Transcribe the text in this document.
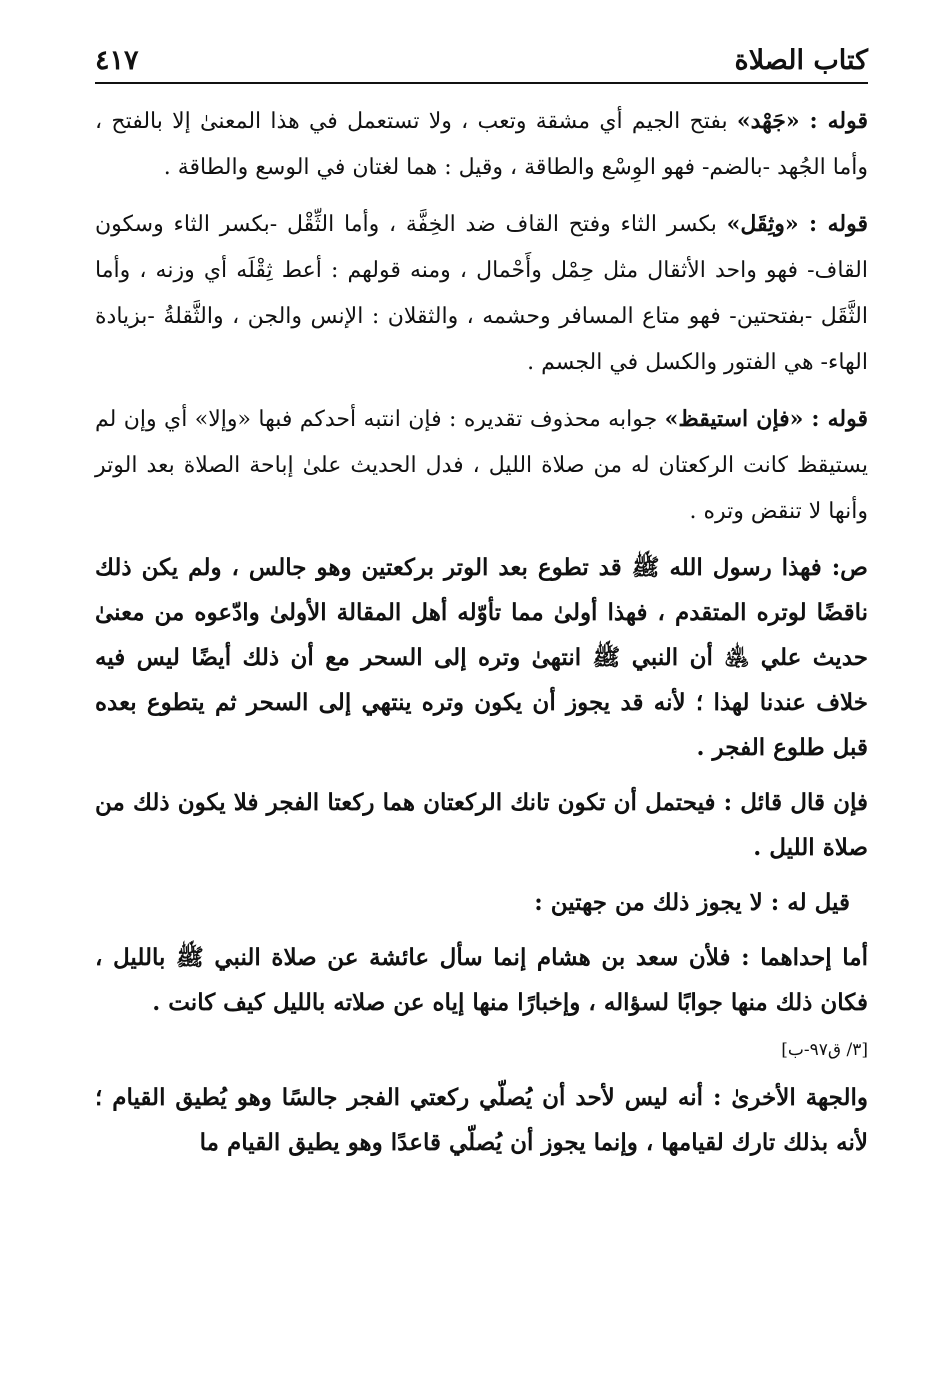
كتاب الصلاة
٤١٧

قوله : «جَهْد» بفتح الجيم أي مشقة وتعب ، ولا تستعمل في هذا المعنىٰ إلا بالفتح ، وأما الجُهد -بالضم- فهو الوِسْع والطاقة ، وقيل : هما لغتان في الوسع والطاقة .

قوله : «وثِقَل» بكسر الثاء وفتح القاف ضد الخِفَّة ، وأما الثِّقْل -بكسر الثاء وسكون القاف- فهو واحد الأثقال مثل حِمْل وأَحْمال ، ومنه قولهم : أعط ثِقْلَه أي وزنه ، وأما الثَّقَل -بفتحتين- فهو متاع المسافر وحشمه ، والثقلان : الإنس والجن ، والثَّقلةُ -بزيادة الهاء- هي الفتور والكسل في الجسم .

قوله : «فإن استيقظ» جوابه محذوف تقديره : فإن انتبه أحدكم فبها «وإلا» أي وإن لم يستيقظ كانت الركعتان له من صلاة الليل ، فدل الحديث علىٰ إباحة الصلاة بعد الوتر وأنها لا تنقض وتره .

ص: فهذا رسول الله ﷺ قد تطوع بعد الوتر بركعتين وهو جالس ، ولم يكن ذلك ناقضًا لوتره المتقدم ، فهذا أولىٰ مما تأوّله أهل المقالة الأولىٰ وادّعوه من معنىٰ حديث علي ﵁ أن النبي ﷺ انتهىٰ وتره إلى السحر مع أن ذلك أيضًا ليس فيه خلاف عندنا لهذا ؛ لأنه قد يجوز أن يكون وتره ينتهي إلى السحر ثم يتطوع بعده قبل طلوع الفجر .

فإن قال قائل : فيحتمل أن تكون تانك الركعتان هما ركعتا الفجر فلا يكون ذلك من صلاة الليل .

قيل له : لا يجوز ذلك من جهتين :

أما إحداهما : فلأن سعد بن هشام إنما سأل عائشة عن صلاة النبي ﷺ بالليل ، فكان ذلك منها جوابًا لسؤاله ، وإخبارًا منها إياه عن صلاته بالليل كيف كانت .

[٣/ ق٩٧-ب]

والجهة الأخرىٰ : أنه ليس لأحد أن يُصلّي ركعتي الفجر جالسًا وهو يُطيق القيام ؛ لأنه بذلك تارك لقيامها ، وإنما يجوز أن يُصلّي قاعدًا وهو يطيق القيام ما
